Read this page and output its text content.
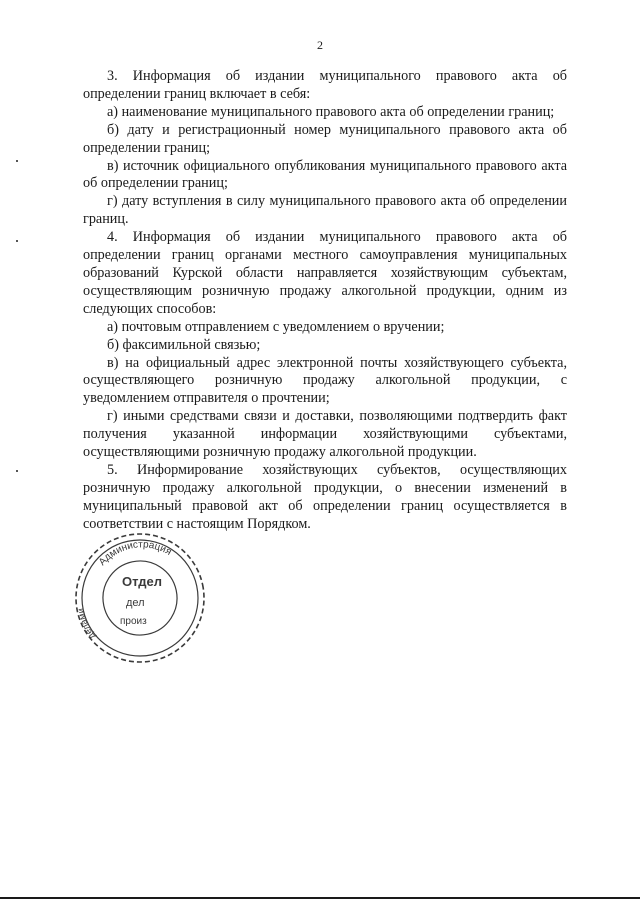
2

3. Информация об издании муниципального правового акта об определении границ включает в себя:

а) наименование муниципального правового акта об определении границ;

б) дату и регистрационный номер муниципального правового акта об определении границ;

в) источник официального опубликования муниципального правового акта об определении границ;

г) дату вступления в силу муниципального правового акта об определении границ.

4. Информация об издании муниципального правового акта об определении границ органами местного самоуправления муниципальных образований Курской области направляется хозяйствующим субъектам, осуществляющим розничную продажу алкогольной продукции, одним из следующих способов:

а) почтовым отправлением с уведомлением о вручении;

б) факсимильной связью;

в) на официальный адрес электронной почты хозяйствующего субъекта, осуществляющего розничную продажу алкогольной продукции, с уведомлением отправителя о прочтении;

г) иными средствами связи и доставки, позволяющими подтвердить факт получения указанной информации хозяйствующими субъектами, осуществляющими розничную продажу алкогольной продукции.

5. Информирование хозяйствующих субъектов, осуществляющих розничную продажу алкогольной продукции, о внесении изменений в муниципальный правовой акт об определении границ осуществляется в соответствии с настоящим Порядком.

Администрация
делами
Отдел
дел
произ
